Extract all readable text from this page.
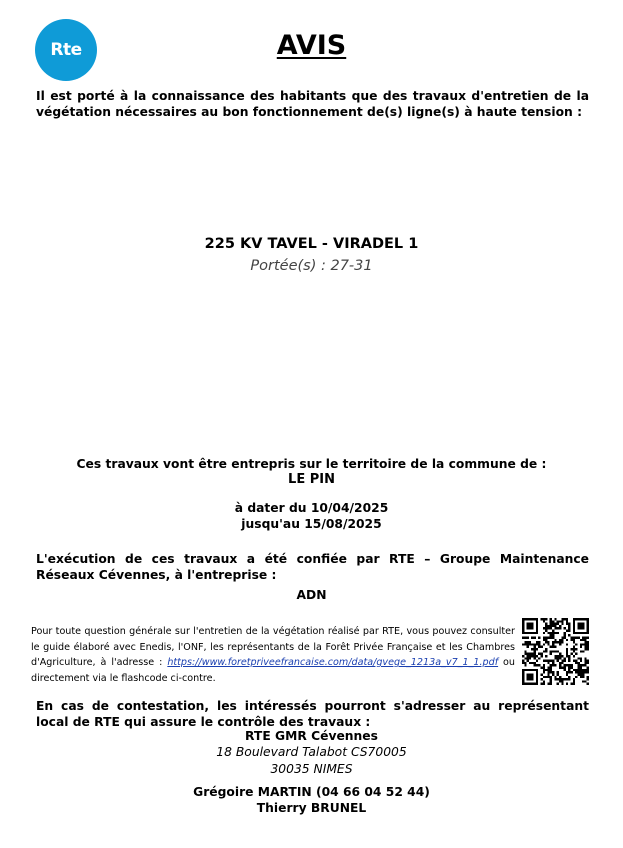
Rte	AVIS
Il est porté à la connaissance des habitants que des travaux d'entretien de la végétation nécessaires au bon fonctionnement de(s) ligne(s) à haute tension :
225 KV TAVEL - VIRADEL 1
Portée(s) : 27-31
Ces travaux vont être entrepris sur le territoire de la commune de :
LE PIN
à dater du 10/04/2025
jusqu'au 15/08/2025
L'exécution de ces travaux a été confiée par RTE – Groupe Maintenance Réseaux Cévennes, à l'entreprise :
ADN
Pour toute question générale sur l'entretien de la végétation réalisé par RTE, vous pouvez consulter le guide élaboré avec Enedis, l'ONF, les représentants de la Forêt Privée Française et les Chambres d'Agriculture, à l'adresse : https://www.foretpriveefrancaise.com/data/gvege_1213a_v7_1_1.pdf ou directement via le flashcode ci-contre.
En cas de contestation, les intéressés pourront s'adresser au représentant local de RTE qui assure le contrôle des travaux :
RTE GMR Cévennes
18 Boulevard Talabot CS70005
30035 NIMES
Grégoire MARTIN (04 66 04 52 44)
Thierry BRUNEL
